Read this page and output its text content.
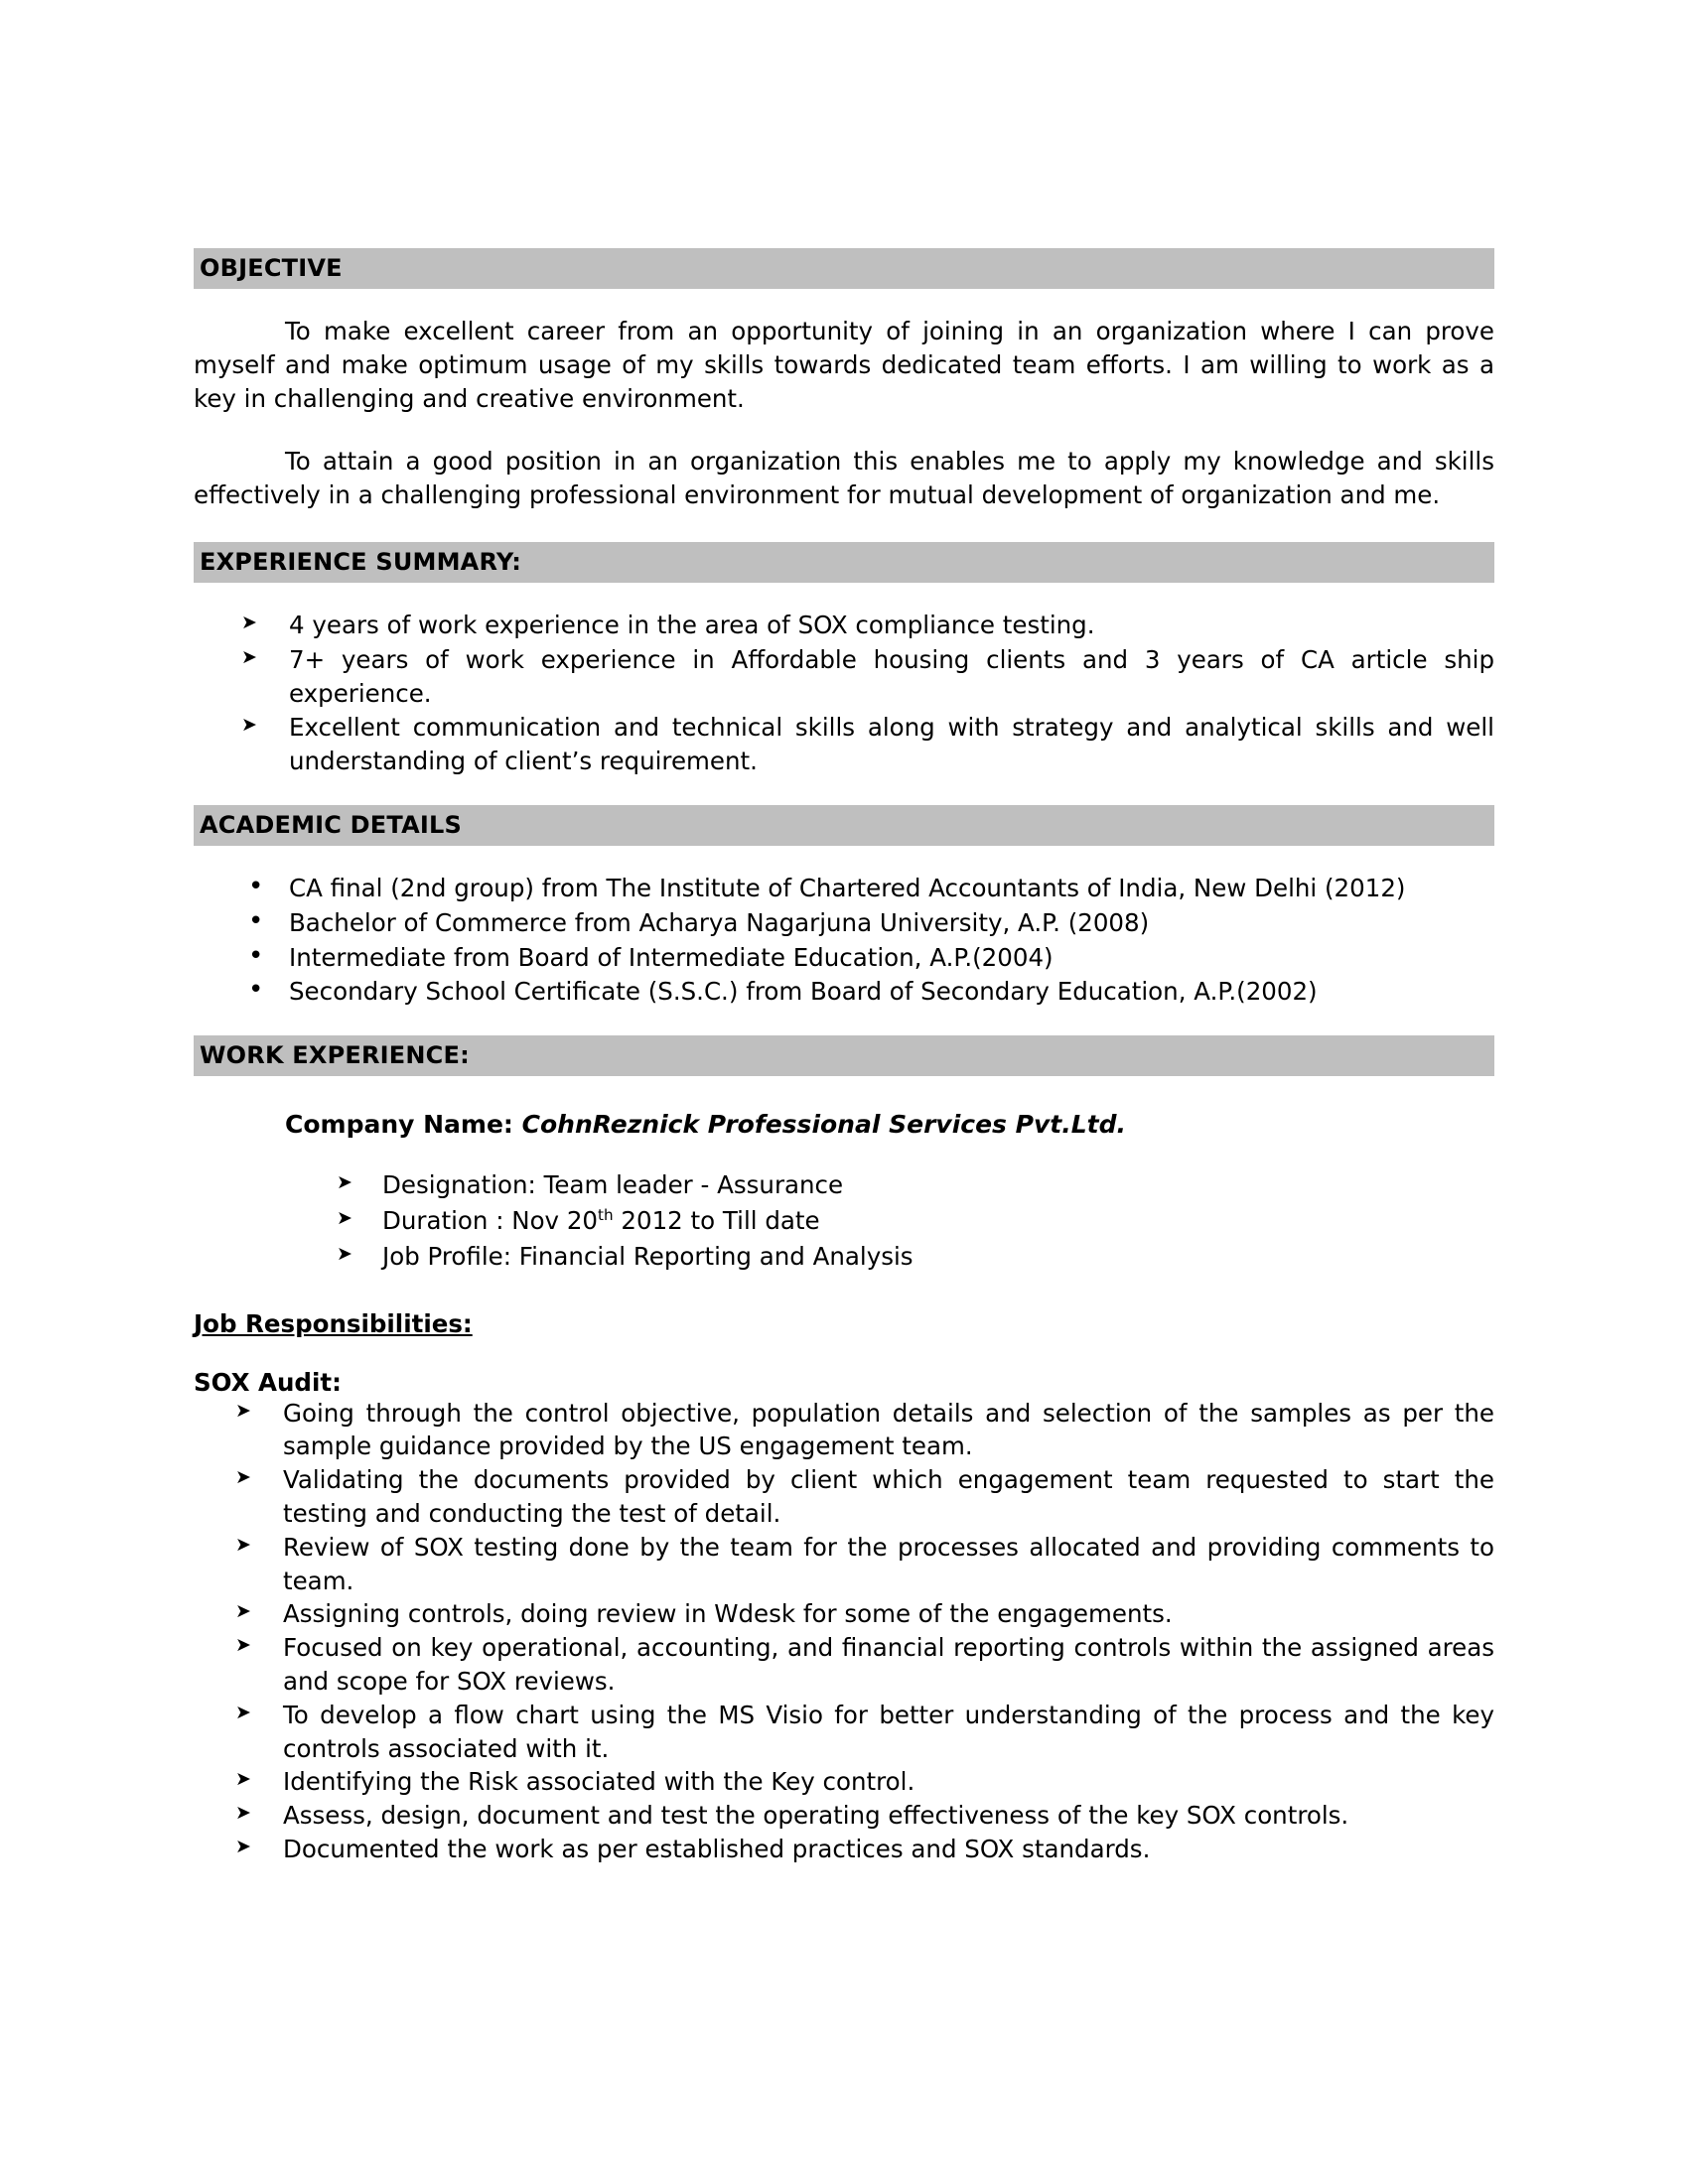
OBJECTIVE

To make excellent career from an opportunity of joining in an organization where I can prove myself and make optimum usage of my skills towards dedicated team efforts. I am willing to work as a key in challenging and creative environment.

To attain a good position in an organization this enables me to apply my knowledge and skills effectively in a challenging professional environment for mutual development of organization and me.

EXPERIENCE SUMMARY:
➤ 4 years of work experience in the area of SOX compliance testing.
➤ 7+ years of work experience in Affordable housing clients and 3 years of CA article ship experience.
➤ Excellent communication and technical skills along with strategy and analytical skills and well understanding of client’s requirement.
ACADEMIC DETAILS
• CA final (2nd group) from The Institute of Chartered Accountants of India, New Delhi (2012)
• Bachelor of Commerce from Acharya Nagarjuna University, A.P. (2008)
• Intermediate from Board of Intermediate Education, A.P.(2004)
• Secondary School Certificate (S.S.C.) from Board of Secondary Education, A.P.(2002)
WORK EXPERIENCE:

Company Name: CohnReznick Professional Services Pvt.Ltd.

➤ Designation: Team leader - Assurance
➤ Duration : Nov 20th 2012 to Till date
➤ Job Profile: Financial Reporting and Analysis

Job Responsibilities:

SOX Audit:

➤ Going through the control objective, population details and selection of the samples as per the sample guidance provided by the US engagement team.
➤ Validating the documents provided by client which engagement team requested to start the testing and conducting the test of detail.
➤ Review of SOX testing done by the team for the processes allocated and providing comments to team.
➤ Assigning controls, doing review in Wdesk for some of the engagements.
➤ Focused on key operational, accounting, and financial reporting controls within the assigned areas and scope for SOX reviews.
➤ To develop a flow chart using the MS Visio for better understanding of the process and the key controls associated with it.
➤ Identifying the Risk associated with the Key control.
➤ Assess, design, document and test the operating effectiveness of the key SOX controls.
➤ Documented the work as per established practices and SOX standards.
